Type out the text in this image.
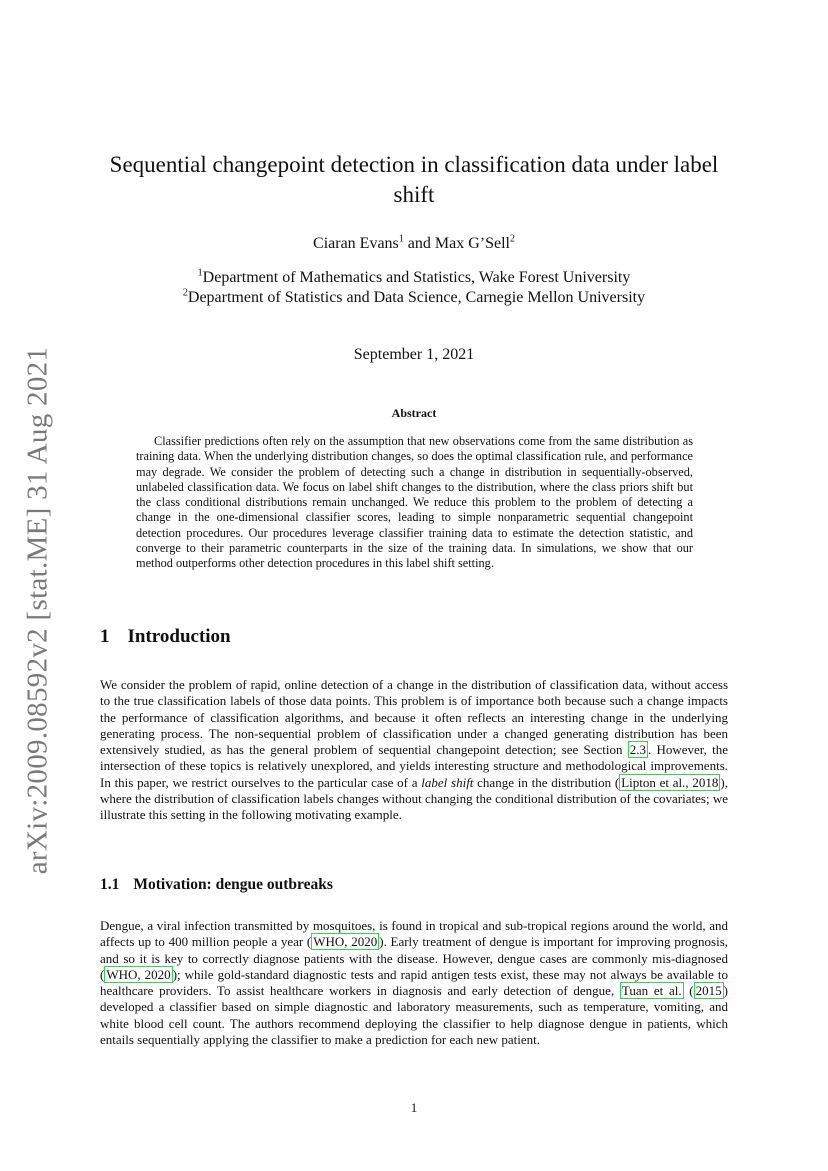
arXiv:2009.08592v2 [stat.ME] 31 Aug 2021
Sequential changepoint detection in classification data under label shift
Ciaran Evans$^1$ and Max G’Sell$^2$
$^1$Department of Mathematics and Statistics, Wake Forest University
$^2$Department of Statistics and Data Science, Carnegie Mellon University
September 1, 2021
Abstract

Classifier predictions often rely on the assumption that new observations come from the same distribution as training data. When the underlying distribution changes, so does the optimal classification rule, and performance may degrade. We consider the problem of detecting such a change in distribution in sequentially-observed, unlabeled classification data. We focus on label shift changes to the distribution, where the class priors shift but the class conditional distributions remain unchanged. We reduce this problem to the problem of detecting a change in the one-dimensional classifier scores, leading to simple nonparametric sequential changepoint detection procedures. Our procedures leverage classifier training data to estimate the detection statistic, and converge to their parametric counterparts in the size of the training data. In simulations, we show that our method outperforms other detection procedures in this label shift setting.

1 Introduction

We consider the problem of rapid, online detection of a change in the distribution of classification data, without access to the true classification labels of those data points. This problem is of importance both because such a change impacts the performance of classification algorithms, and because it often reflects an interesting change in the underlying generating process. The non-sequential problem of classification under a changed generating distribution has been extensively studied, as has the general problem of sequential changepoint detection; see Section 2.3 . However, the intersection of these topics is relatively unexplored, and yields interesting structure and methodological improvements. In this paper, we restrict ourselves to the particular case of a label shift change in the distribution ( Lipton et al., 2018 ), where the distribution of classification labels changes without changing the conditional distribution of the covariates; we illustrate this setting in the following motivating example.

1.1 Motivation: dengue outbreaks

Dengue, a viral infection transmitted by mosquitoes, is found in tropical and sub-tropical regions around the world, and affects up to 400 million people a year ( WHO, 2020 ). Early treatment of dengue is important for improving prognosis, and so it is key to correctly diagnose patients with the disease. However, dengue cases are commonly mis-diagnosed ( WHO, 2020 ); while gold-standard diagnostic tests and rapid antigen tests exist, these may not always be available to healthcare providers. To assist healthcare workers in diagnosis and early detection of dengue, Tuan et al. ( 2015 ) developed a classifier based on simple diagnostic and laboratory measurements, such as temperature, vomiting, and white blood cell count. The authors recommend deploying the classifier to help diagnose dengue in patients, which entails sequentially applying the classifier to make a prediction for each new patient.

1
